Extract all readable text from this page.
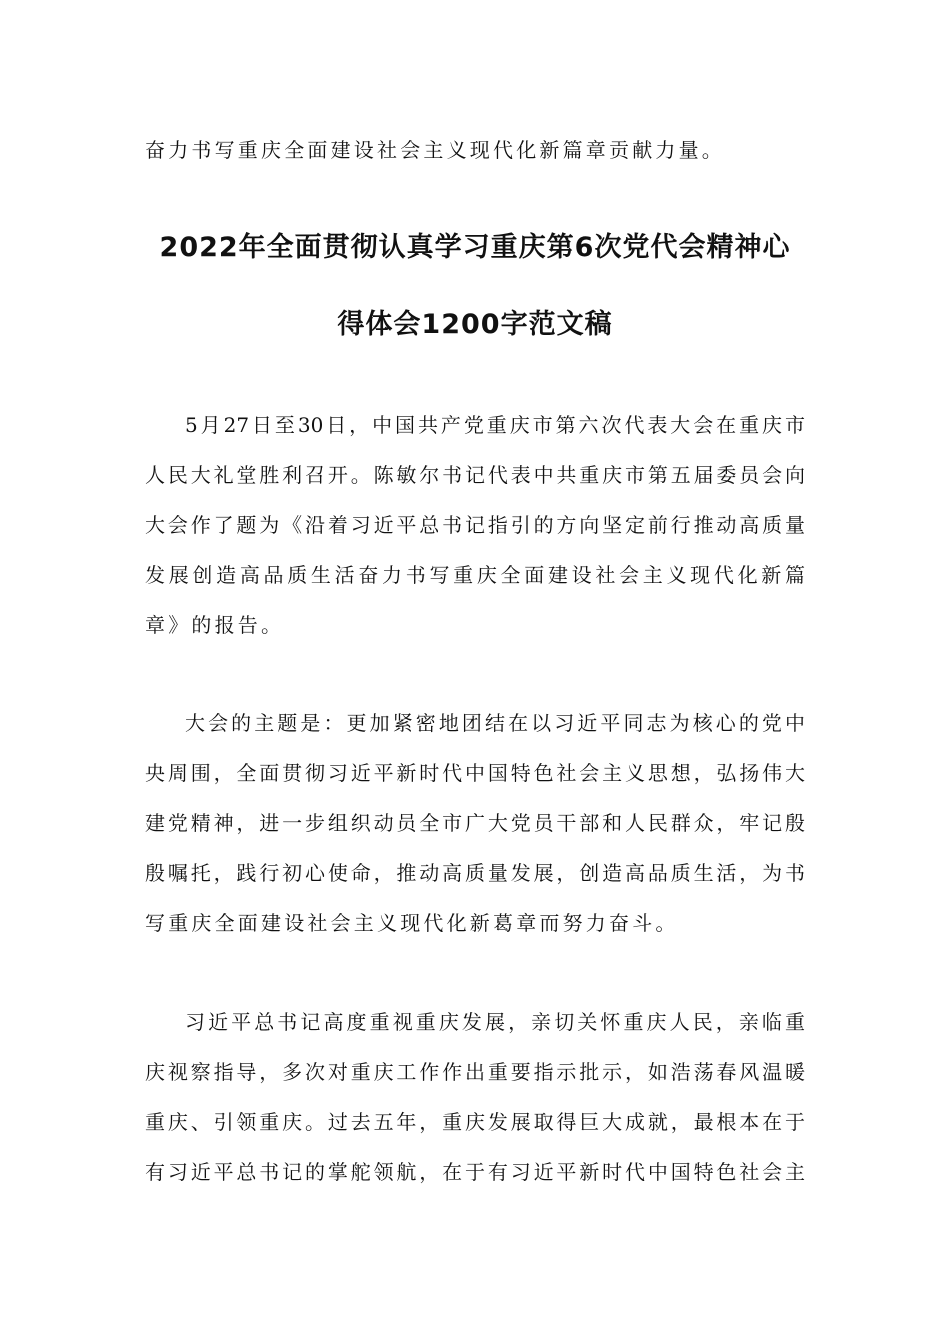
奋力书写重庆全面建设社会主义现代化新篇章贡献力量。
2022年全面贯彻认真学习重庆第6次党代会精神心
得体会1200字范文稿
5月27日至30日，中国共产党重庆市第六次代表大会在重庆市
人民大礼堂胜利召开。陈敏尔书记代表中共重庆市第五届委员会向
大会作了题为《沿着习近平总书记指引的方向坚定前行推动高质量
发展创造高品质生活奋力书写重庆全面建设社会主义现代化新篇
章》的报告。
大会的主题是：更加紧密地团结在以习近平同志为核心的党中
央周围，全面贯彻习近平新时代中国特色社会主义思想，弘扬伟大
建党精神，进一步组织动员全市广大党员干部和人民群众，牢记殷
殷嘱托，践行初心使命，推动高质量发展，创造高品质生活，为书
写重庆全面建设社会主义现代化新葛章而努力奋斗。
习近平总书记高度重视重庆发展，亲切关怀重庆人民，亲临重
庆视察指导，多次对重庆工作作出重要指示批示，如浩荡春风温暖
重庆、引领重庆。过去五年，重庆发展取得巨大成就，最根本在于
有习近平总书记的掌舵领航，在于有习近平新时代中国特色社会主
